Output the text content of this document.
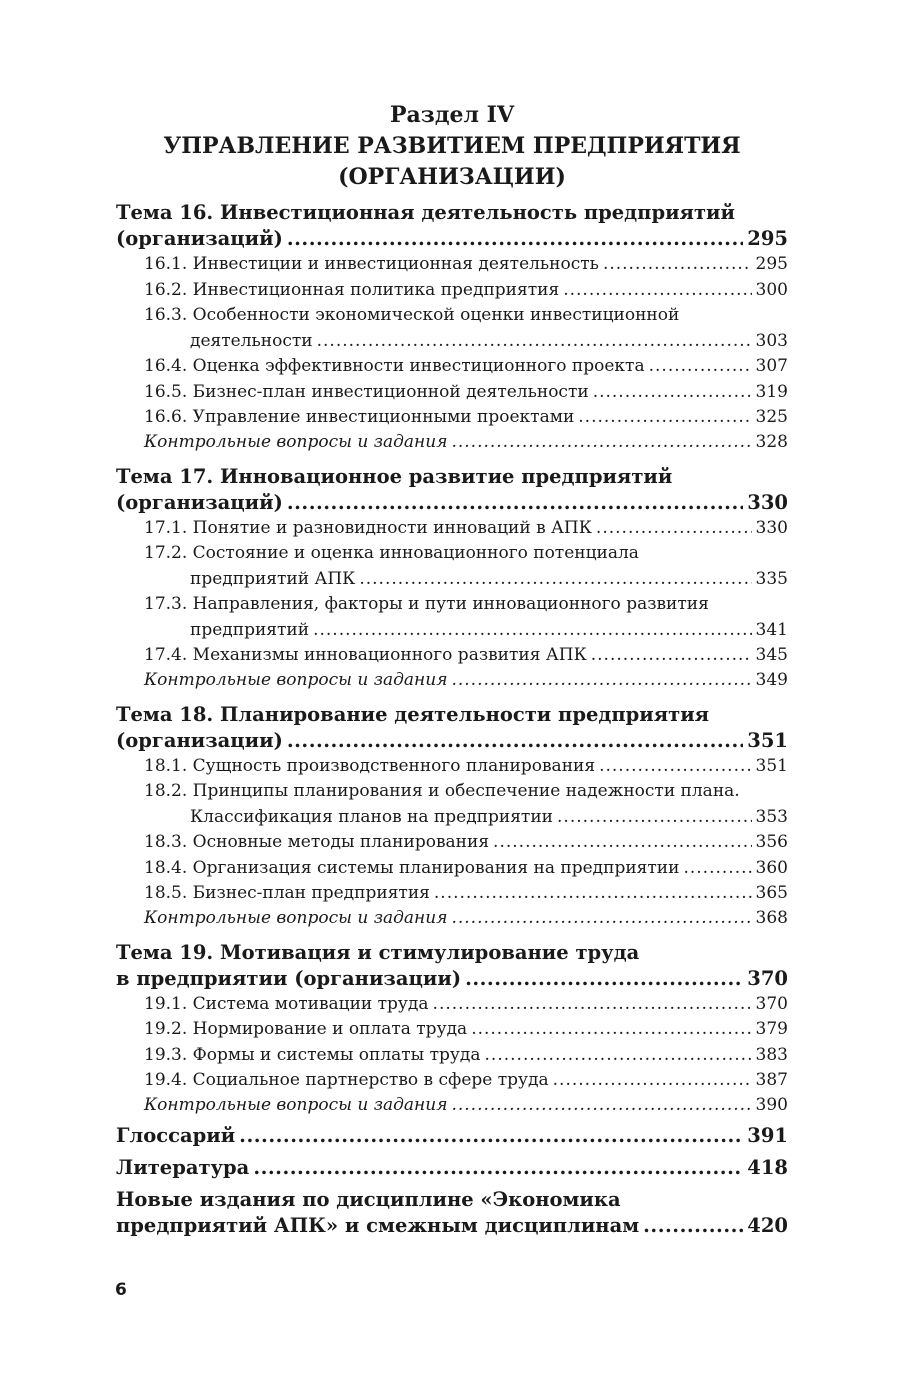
Раздел IV
УПРАВЛЕНИЕ РАЗВИТИЕМ ПРЕДПРИЯТИЯ
(ОРГАНИЗАЦИИ)
Тема 16. Инвестиционная деятельность предприятий
(организаций) .....	295
16.1. Инвестиции и инвестиционная деятельность .....	295
16.2. Инвестиционная политика предприятия .....	300
16.3. Особенности экономической оценки инвестиционной
деятельности .....	303
16.4. Оценка эффективности инвестиционного проекта .....	307
16.5. Бизнес-план инвестиционной деятельности .....	319
16.6. Управление инвестиционными проектами .....	325
Контрольные вопросы и задания .....	328
Тема 17. Инновационное развитие предприятий
(организаций) .....	330
17.1. Понятие и разновидности инноваций в АПК .....	330
17.2. Состояние и оценка инновационного потенциала
предприятий АПК .....	335
17.3. Направления, факторы и пути инновационного развития
предприятий .....	341
17.4. Механизмы инновационного развития АПК .....	345
Контрольные вопросы и задания .....	349
Тема 18. Планирование деятельности предприятия
(организации) .....	351
18.1. Сущность производственного планирования .....	351
18.2. Принципы планирования и обеспечение надежности плана.
Классификация планов на предприятии .....	353
18.3. Основные методы планирования .....	356
18.4. Организация системы планирования на предприятии .....	360
18.5. Бизнес-план предприятия .....	365
Контрольные вопросы и задания .....	368
Тема 19. Мотивация и стимулирование труда
в предприятии (организации) .....	370
19.1. Система мотивации труда .....	370
19.2. Нормирование и оплата труда .....	379
19.3. Формы и системы оплаты труда .....	383
19.4. Социальное партнерство в сфере труда .....	387
Контрольные вопросы и задания .....	390
Глоссарий .....	391
Литература .....	418
Новые издания по дисциплине «Экономика
предприятий АПК» и смежным дисциплинам .....	420
6
